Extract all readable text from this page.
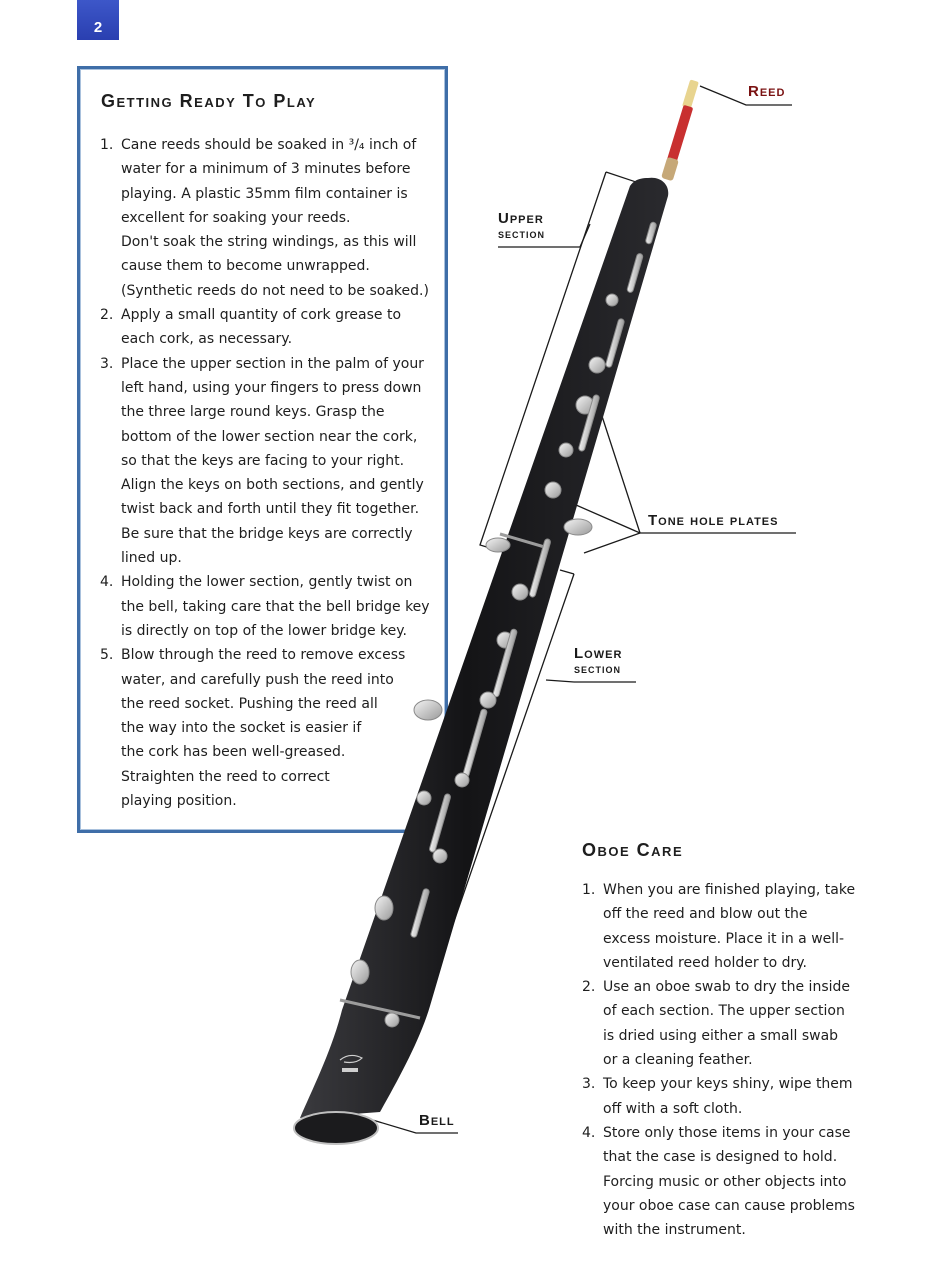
2
Getting Ready To Play
1. Cane reeds should be soaked in ³/₄ inch of
water for a minimum of 3 minutes before
playing. A plastic 35mm film container is
excellent for soaking your reeds.
Don't soak the string windings, as this will
cause them to become unwrapped.
(Synthetic reeds do not need to be soaked.)
2. Apply a small quantity of cork grease to
each cork, as necessary.
3. Place the upper section in the palm of your
left hand, using your fingers to press down
the three large round keys. Grasp the
bottom of the lower section near the cork,
so that the keys are facing to your right.
Align the keys on both sections, and gently
twist back and forth until they fit together.
Be sure that the bridge keys are correctly
lined up.
4. Holding the lower section, gently twist on
the bell, taking care that the bell bridge key
is directly on top of the lower bridge key.
5. Blow through the reed to remove excess
water, and carefully push the reed into
the reed socket. Pushing the reed all
the way into the socket is easier if
the cork has been well-greased.
Straighten the reed to correct
playing position.
Reed
Upper
section
Tone hole plates
Lower
section
Bell
Oboe Care
1. When you are finished playing, take
off the reed and blow out the
excess moisture. Place it in a well-
ventilated reed holder to dry.
2. Use an oboe swab to dry the inside
of each section. The upper section
is dried using either a small swab
or a cleaning feather.
3. To keep your keys shiny, wipe them
off with a soft cloth.
4. Store only those items in your case
that the case is designed to hold.
Forcing music or other objects into
your oboe case can cause problems
with the instrument.
